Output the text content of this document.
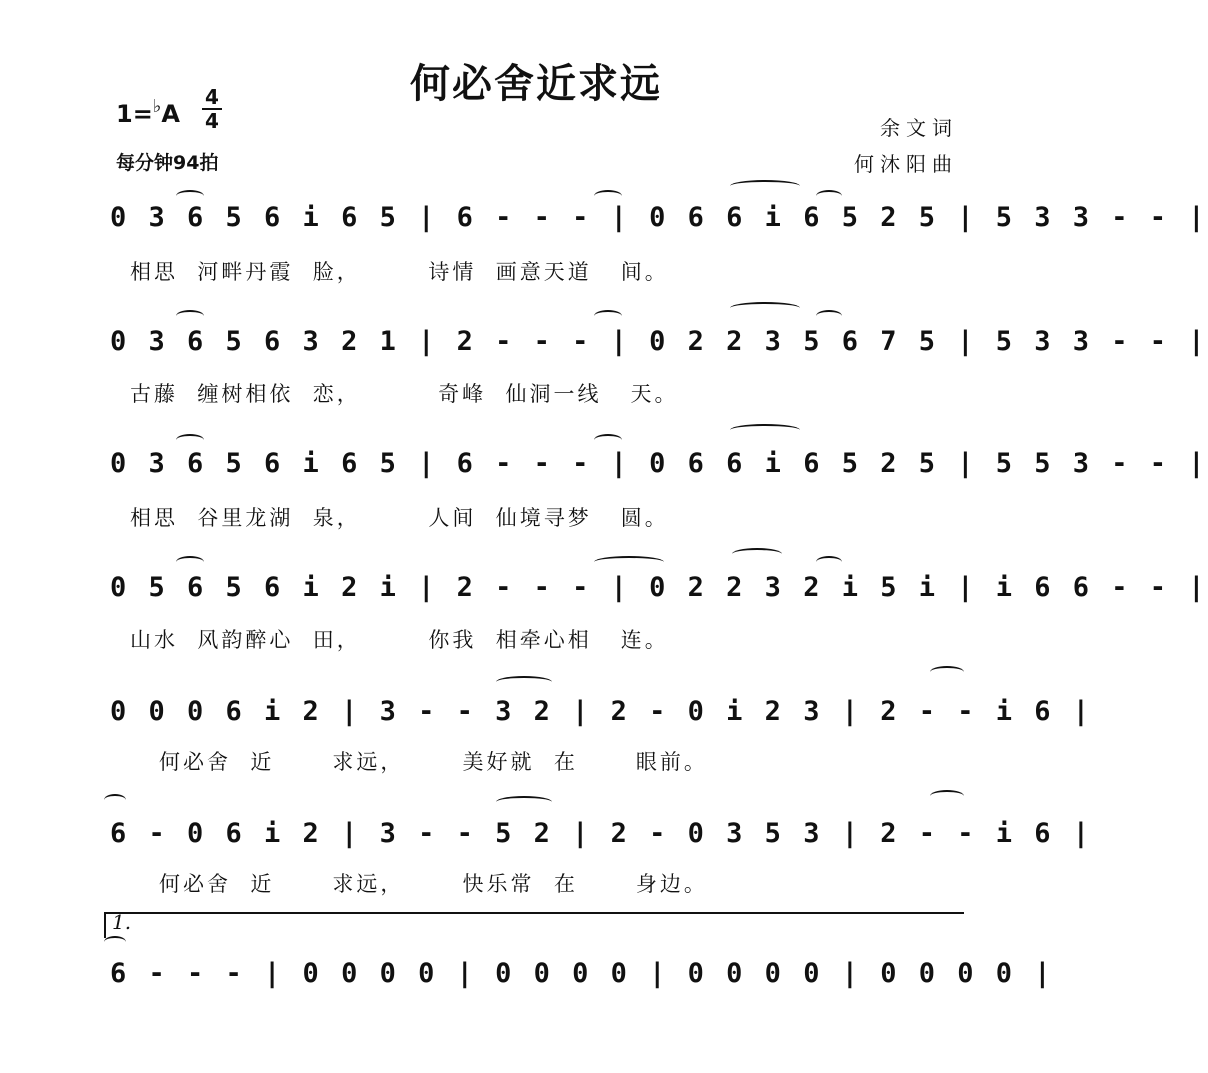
何必舍近求远
1=♭A
4
4
每分钟94拍
余文词
何沐阳曲
0 3 6 5 6 i 6 5 | 6 - - - | 0 6 6 i 6 5 2 5 | 5 3 3 - - |
相思  河畔丹霞  脸，       诗情  画意天道   间。
0 3 6 5 6 3 2 1 | 2 - - - | 0 2 2 3 5 6 7 5 | 5 3 3 - - |
古藤  缠树相依  恋，        奇峰  仙洞一线   天。
0 3 6 5 6 i 6 5 | 6 - - - | 0 6 6 i 6 5 2 5 | 5 5 3 - - |
相思  谷里龙湖  泉，       人间  仙境寻梦   圆。
0 5 6 5 6 i 2 i | 2 - - - | 0 2 2 3 2 i 5 i | i 6 6 - - |
山水  风韵醉心  田，       你我  相牵心相   连。
0 0 0 6 i 2 | 3 - - 3 2 | 2 - 0 i 2 3 | 2 - - i 6 |
何必舍  近      求远，      美好就  在      眼前。
6 - 0 6 i 2 | 3 - - 5 2 | 2 - 0 3 5 3 | 2 - - i 6 |
何必舍  近      求远，      快乐常  在      身边。
1.
6 - - - | 0 0 0 0 | 0 0 0 0 | 0 0 0 0 | 0 0 0 0 |
